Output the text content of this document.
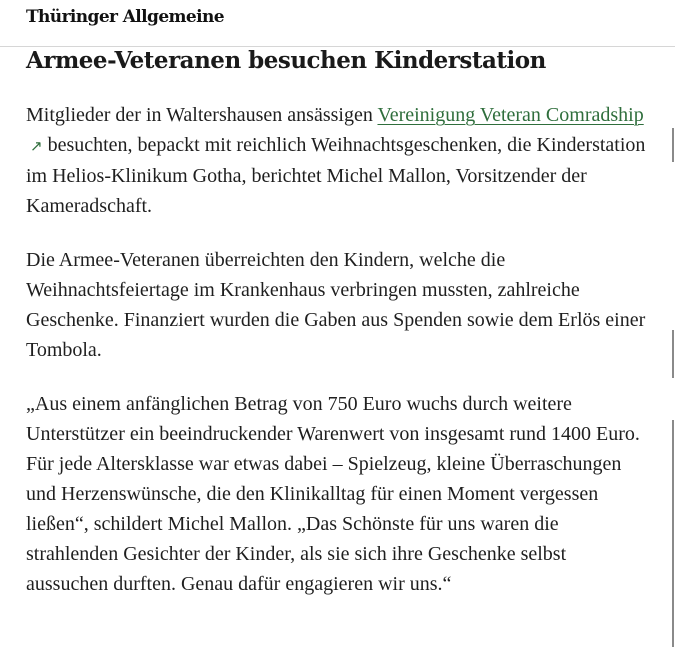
Thüringer Allgemeine
Armee-Veteranen besuchen Kinderstation

Mitglieder der in Waltershausen ansässigen Vereinigung Veteran Comradship↗ besuchten, bepackt mit reichlich Weihnachtsgeschenken, die Kinderstation im Helios-Klinikum Gotha, berichtet Michel Mallon, Vorsitzender der Kameradschaft.

Die Armee-Veteranen überreichten den Kindern, welche die Weihnachtsfeiertage im Krankenhaus verbringen mussten, zahlreiche Geschenke. Finanziert wurden die Gaben aus Spenden sowie dem Erlös einer Tombola.

„Aus einem anfänglichen Betrag von 750 Euro wuchs durch weitere Unterstützer ein beeindruckender Warenwert von insgesamt rund 1400 Euro. Für jede Altersklasse war etwas dabei – Spielzeug, kleine Überraschungen und Herzenswünsche, die den Klinikalltag für einen Moment vergessen ließen“, schildert Michel Mallon. „Das Schönste für uns waren die strahlenden Gesichter der Kinder, als sie sich ihre Geschenke selbst aussuchen durften. Genau dafür engagieren wir uns.“
